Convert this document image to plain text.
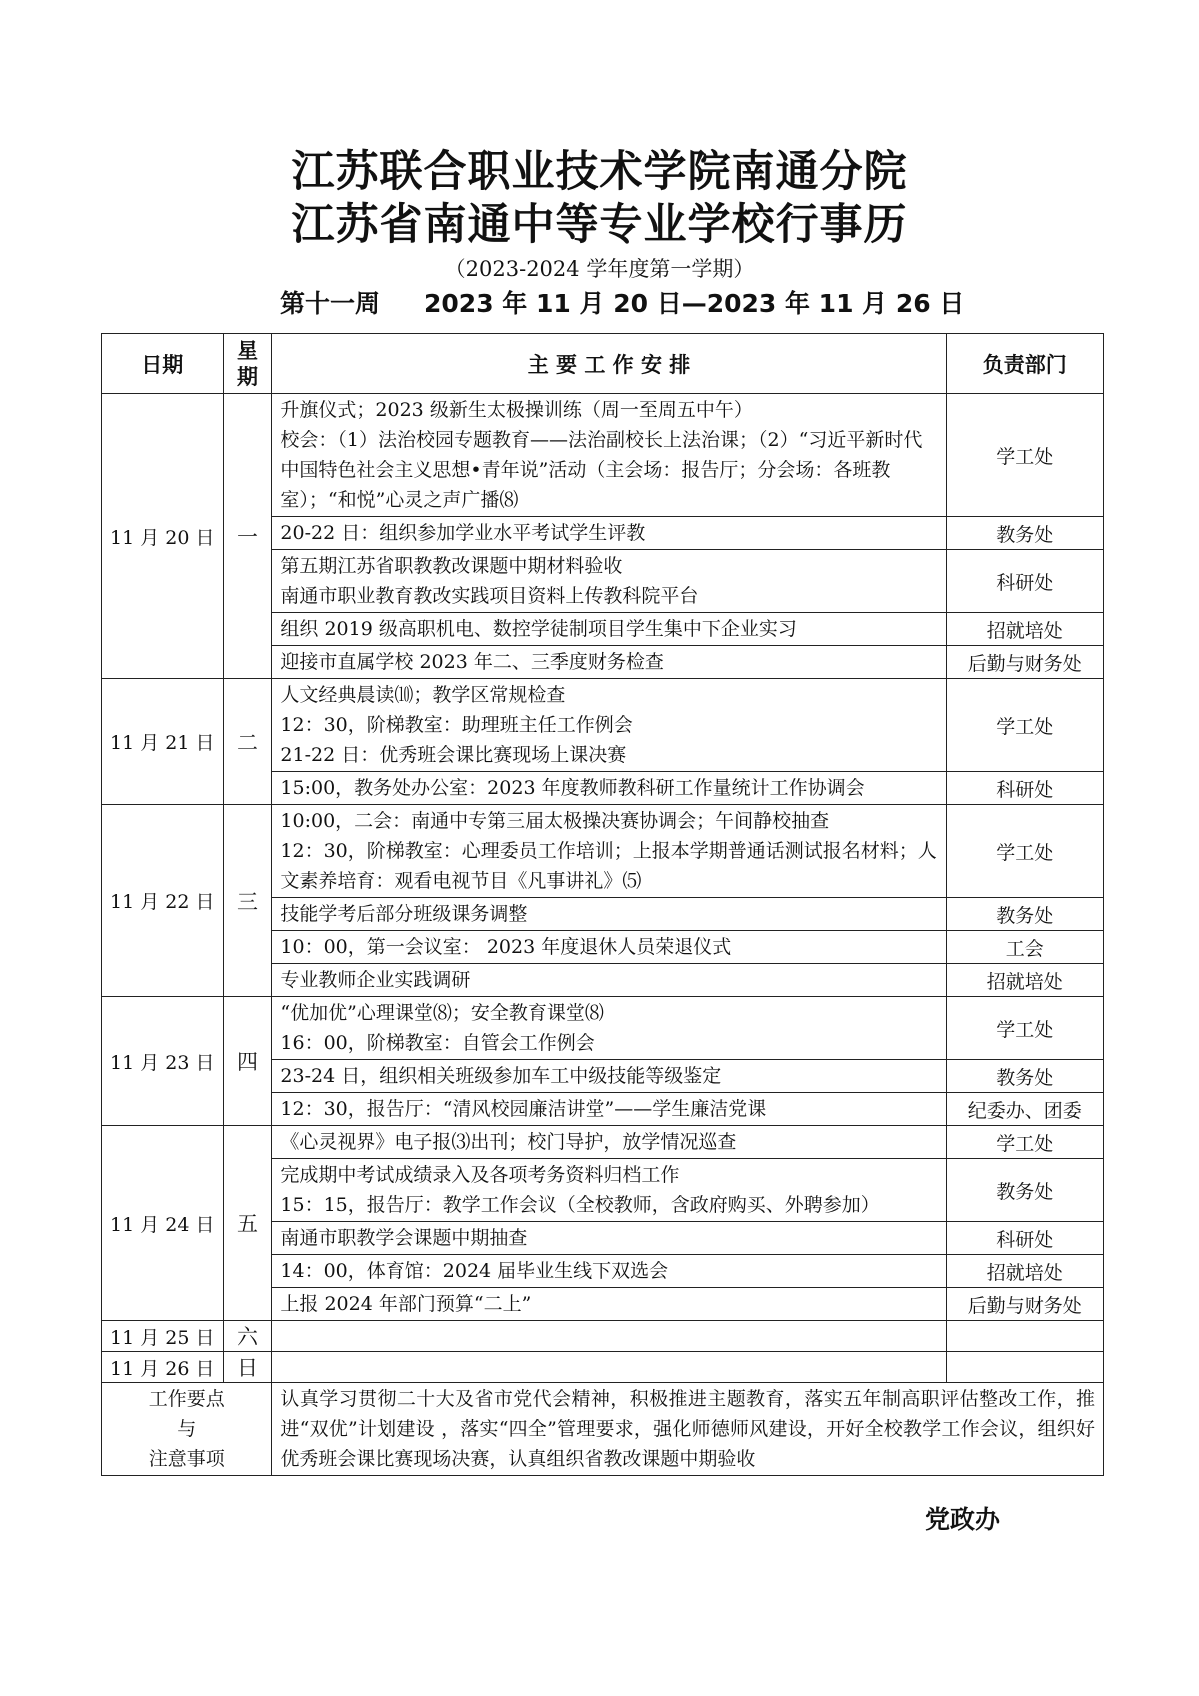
江苏联合职业技术学院南通分院
江苏省南通中等专业学校行事历
（2023-2024 学年度第一学期）
第十一周 2023 年 11 月 20 日—2023 年 11 月 26 日
日期	星期	主 要 工 作 安 排	负责部门
11 月 20 日	一	升旗仪式；2023 级新生太极操训练（周一至周五中午）
校会：（1）法治校园专题教育——法治副校长上法治课；（2）“习近平新时代中国特色社会主义思想•青年说”活动（主会场：报告厅；分会场：各班教室）；“和悦”心灵之声广播⑻	学工处

		20-22 日：组织参加学业水平考试学生评教	教务处

		第五期江苏省职教教改课题中期材料验收
南通市职业教育教改实践项目资料上传教科院平台	科研处

		组织 2019 级高职机电、数控学徒制项目学生集中下企业实习	招就培处

		迎接市直属学校 2023 年二、三季度财务检查	后勤与财务处
11 月 21 日	二	人文经典晨读⑽；教学区常规检查
12：30，阶梯教室：助理班主任工作例会
21-22 日：优秀班会课比赛现场上课决赛	学工处

		15:00，教务处办公室：2023 年度教师教科研工作量统计工作协调会	科研处
11 月 22 日	三	10:00，二会：南通中专第三届太极操决赛协调会；午间静校抽查
12：30，阶梯教室：心理委员工作培训；上报本学期普通话测试报名材料；人文素养培育：观看电视节目《凡事讲礼》⑸	学工处

		技能学考后部分班级课务调整	教务处

		10：00，第一会议室： 2023 年度退休人员荣退仪式	工会

		专业教师企业实践调研	招就培处
11 月 23 日	四	“优加优”心理课堂⑻；安全教育课堂⑻
16：00，阶梯教室：自管会工作例会	学工处

		23-24 日，组织相关班级参加车工中级技能等级鉴定	教务处

		12：30，报告厅：“清风校园廉洁讲堂”——学生廉洁党课	纪委办、团委
11 月 24 日	五	《心灵视界》电子报⑶出刊；校门导护，放学情况巡查	学工处

		完成期中考试成绩录入及各项考务资料归档工作
15：15，报告厅：教学工作会议（全校教师，含政府购买、外聘参加）	教务处

		南通市职教学会课题中期抽查	科研处

		14：00，体育馆：2024 届毕业生线下双选会	招就培处

		上报 2024 年部门预算“二上”	后勤与财务处
11 月 25 日	六		
11 月 26 日	日		

工作要点
与
注意事项		认真学习贯彻二十大及省市党代会精神，积极推进主题教育，落实五年制高职评估整改工作，推进“双优”计划建设 ，落实“四全”管理要求，强化师德师风建设，开好全校教学工作会议，组织好优秀班会课比赛现场决赛，认真组织省教改课题中期验收	
党政办
